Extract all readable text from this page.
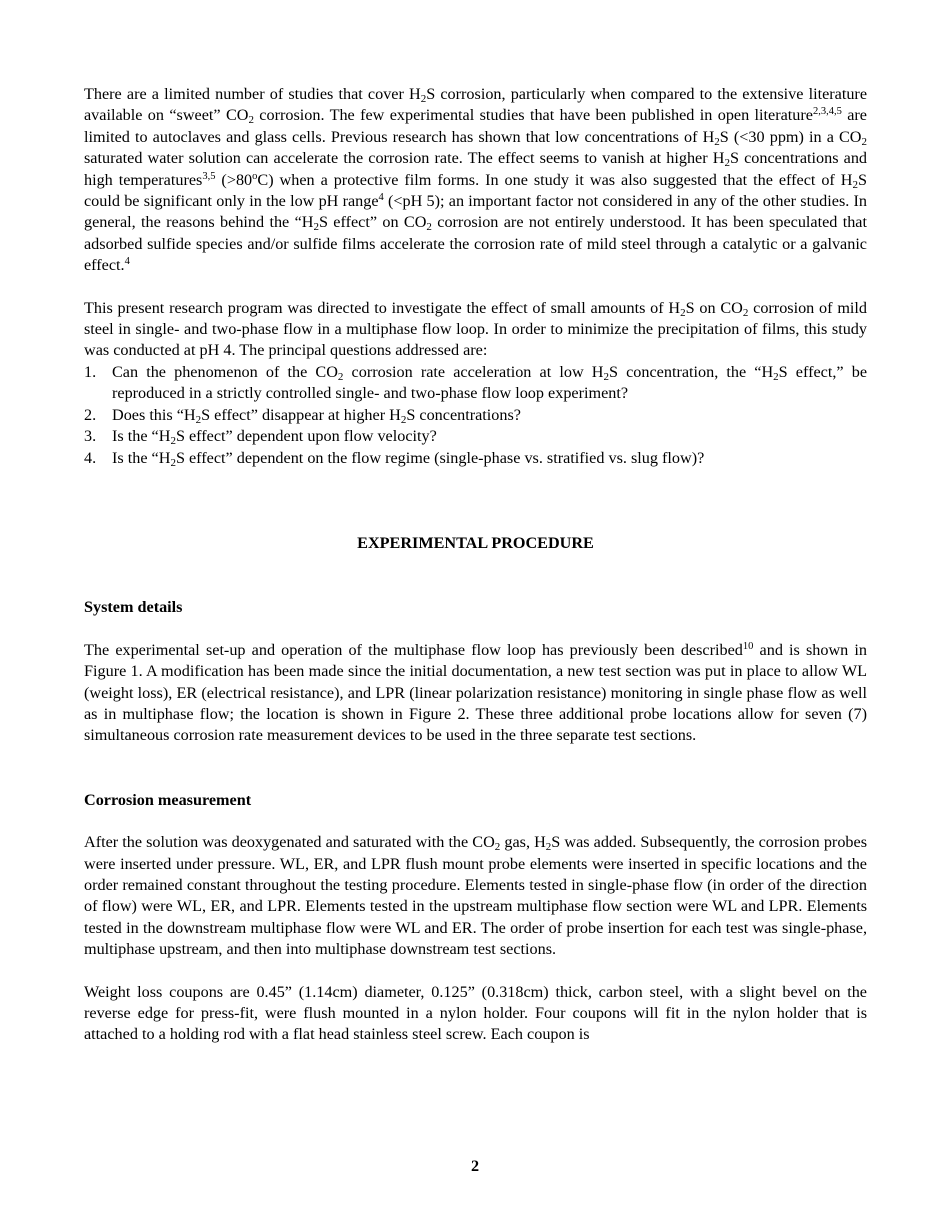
There are a limited number of studies that cover $H_2S$ corrosion, particularly when compared to the extensive literature available on “sweet” $CO_2$ corrosion. The few experimental studies that have been published in open literature$^{2,3,4,5}$ are limited to autoclaves and glass cells. Previous research has shown that low concentrations of $H_2S$ (<30 ppm) in a $CO_2$ saturated water solution can accelerate the corrosion rate. The effect seems to vanish at higher $H_2S$ concentrations and high temperatures$^{3,5}$ $(>80^oC)$ when a protective film forms. In one study it was also suggested that the effect of $H_2S$ could be significant only in the low pH range$^4$ (<pH 5); an important factor not considered in any of the other studies. In general, the reasons behind the “$H_2S$ effect” on $CO_2$ corrosion are not entirely understood. It has been speculated that adsorbed sulfide species and/or sulfide films accelerate the corrosion rate of mild steel through a catalytic or a galvanic effect.$^4$

This present research program was directed to investigate the effect of small amounts of $H_2S$ on $CO_2$ corrosion of mild steel in single- and two-phase flow in a multiphase flow loop. In order to minimize the precipitation of films, this study was conducted at pH 4. The principal questions addressed are:

1. Can the phenomenon of the $CO_2$ corrosion rate acceleration at low $H_2S$ concentration, the “$H_2S$ effect,” be reproduced in a strictly controlled single- and two-phase flow loop experiment?
2. Does this “$H_2S$ effect” disappear at higher $H_2S$ concentrations?
3. Is the “$H_2S$ effect” dependent upon flow velocity?
4. Is the “$H_2S$ effect” dependent on the flow regime (single-phase vs. stratified vs. slug flow)?

EXPERIMENTAL PROCEDURE

System details

The experimental set-up and operation of the multiphase flow loop has previously been described$^{10}$ and is shown in Figure 1. A modification has been made since the initial documentation, a new test section was put in place to allow WL (weight loss), ER (electrical resistance), and LPR (linear polarization resistance) monitoring in single phase flow as well as in multiphase flow; the location is shown in Figure 2. These three additional probe locations allow for seven (7) simultaneous corrosion rate measurement devices to be used in the three separate test sections.

Corrosion measurement

After the solution was deoxygenated and saturated with the $CO_2$ gas, $H_2S$ was added. Subsequently, the corrosion probes were inserted under pressure. WL, ER, and LPR flush mount probe elements were inserted in specific locations and the order remained constant throughout the testing procedure. Elements tested in single-phase flow (in order of the direction of flow) were WL, ER, and LPR. Elements tested in the upstream multiphase flow section were WL and LPR. Elements tested in the downstream multiphase flow were WL and ER. The order of probe insertion for each test was single-phase, multiphase upstream, and then into multiphase downstream test sections.

Weight loss coupons are 0.45” (1.14cm) diameter, 0.125” (0.318cm) thick, carbon steel, with a slight bevel on the reverse edge for press-fit, were flush mounted in a nylon holder. Four coupons will fit in the nylon holder that is attached to a holding rod with a flat head stainless steel screw. Each coupon is

2
